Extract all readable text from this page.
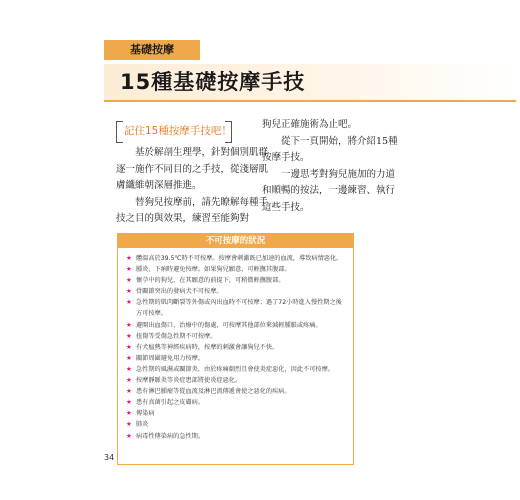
基礎按摩
15種基礎按摩手技
記住15種按摩手技吧！

基於解剖生理學，針對個別肌群逐一施作不同目的之手技，從淺層肌膚纖維朝深層推進。

替狗兒按摩前，請先瞭解每種手技之目的與效果，練習至能夠對

狗兒正確施術為止吧。

從下一頁開始，將介紹15種按摩手技。

一邊思考對狗兒施加的力道和順暢的按法，一邊練習、執行這些手技。

不可按摩的狀況
★ 體溫高於39.5℃時不可按摩。按摩會刺激既已加速的血流，導致病情惡化。
★ 腫炎、下痢時避免按摩。如果狗兒願意，可輕撫其腹部。
★ 懷孕中的狗兒，在其願意的前提下，可稍微輕撫腹部。
★ 骨關節突出的發病犬不可按摩。
★ 急性期的肌肉斷裂等外傷或內出血時不可按摩；過了72小時進入慢性期之後方可按摩。
★ 避開出血傷口，治療中的傷處，可按摩其他部位來減輕腫脹或疼痛。
★ 扭傷等受傷急性期不可按摩。
★ 有犬瘟熱等神經疾病時，按摩的刺激會讓狗兒不快。
★ 關節周圍避免用力按摩。
★ 急性期的風濕或關節炎，由於疼痛劇烈且會使炎症惡化，因此不可按摩。
★ 按摩靜脈炎等炎症患部將使炎症惡化。
★ 患有淋巴腫瘤等從血流及淋巴流傳遞會使之惡化的疾病。
★ 患有真菌引起之皮膚病。
★ 傳染病
★ 肺炎
★ 病毒性傳染病的急性期。
34
